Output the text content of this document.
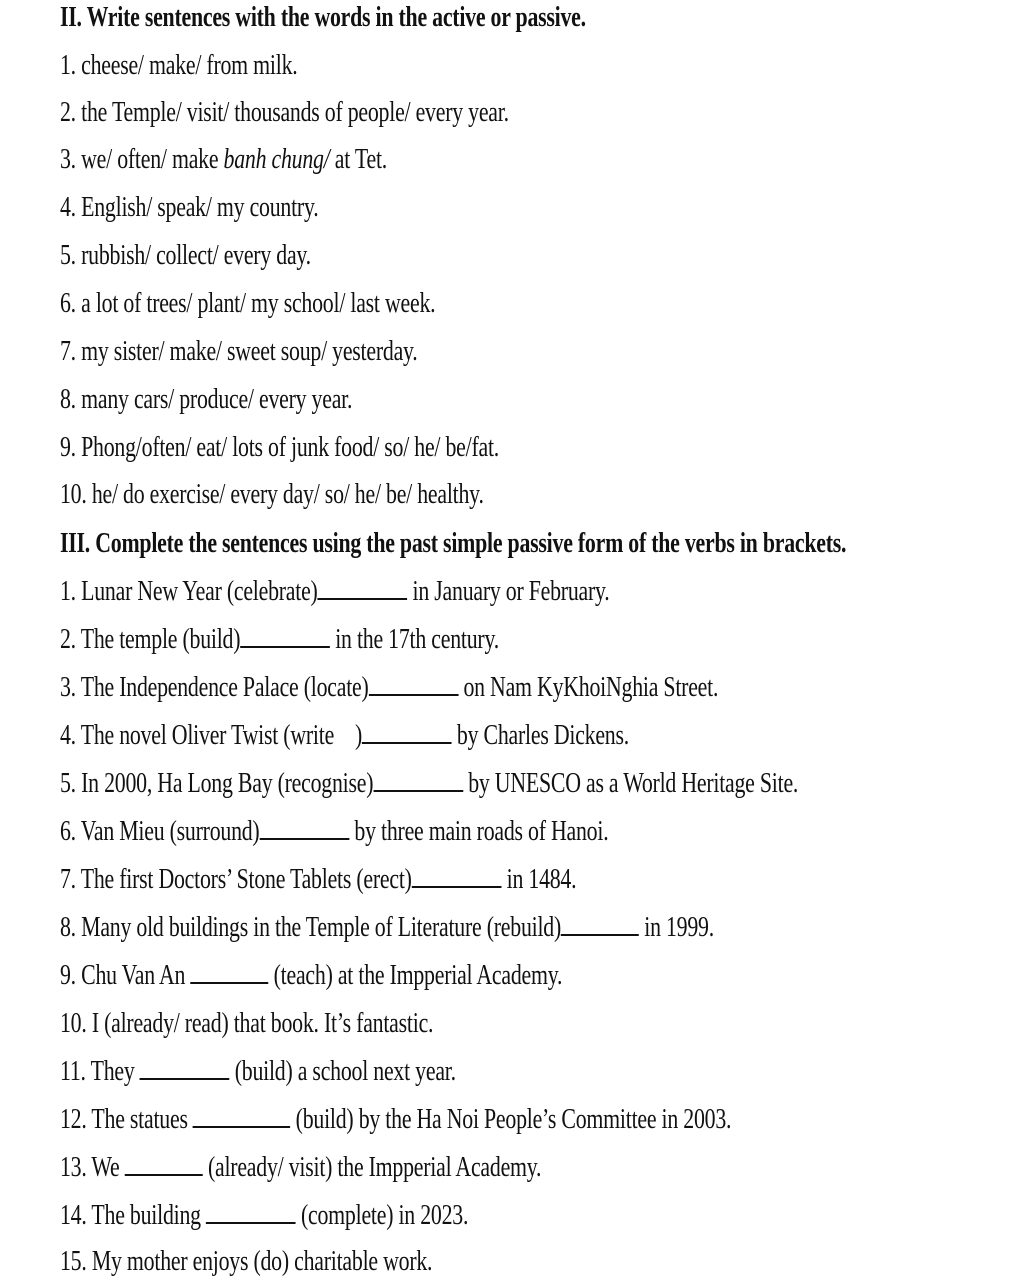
II. Write sentences with the words in the active or passive.
1. cheese/ make/ from milk.
2. the Temple/ visit/ thousands of people/ every year.
3. we/ often/ make banh chung/ at Tet.
4. English/ speak/ my country.
5. rubbish/ collect/ every day.
6. a lot of trees/ plant/ my school/ last week.
7. my sister/ make/ sweet soup/ yesterday.
8. many cars/ produce/ every year.
9. Phong/often/ eat/ lots of junk food/ so/ he/ be/fat.
10. he/ do exercise/ every day/ so/ he/ be/ healthy.
III. Complete the sentences using the past simple passive form of the verbs in brackets.
1. Lunar New Year (celebrate)	in January or February.
2. The temple (build)	in the 17th century.
3. The Independence Palace (locate)	on Nam KyKhoiNghia Street.
4. The novel Oliver Twist (write    )	by Charles Dickens.
5. In 2000, Ha Long Bay (recognise)	by UNESCO as a World Heritage Site.
6. Van Mieu (surround)	by three main roads of Hanoi.
7. The first Doctors’ Stone Tablets (erect)	in 1484.
8. Many old buildings in the Temple of Literature (rebuild)	in 1999.
9. Chu Van An	(teach) at the Impperial Academy.
10. I (already/ read) that book. It’s fantastic.
11. They	(build) a school next year.
12. The statues	(build) by the Ha Noi People’s Committee in 2003.
13. We	(already/ visit) the Impperial Academy.
14. The building	(complete) in 2023.
15. My mother enjoys (do) charitable work.
